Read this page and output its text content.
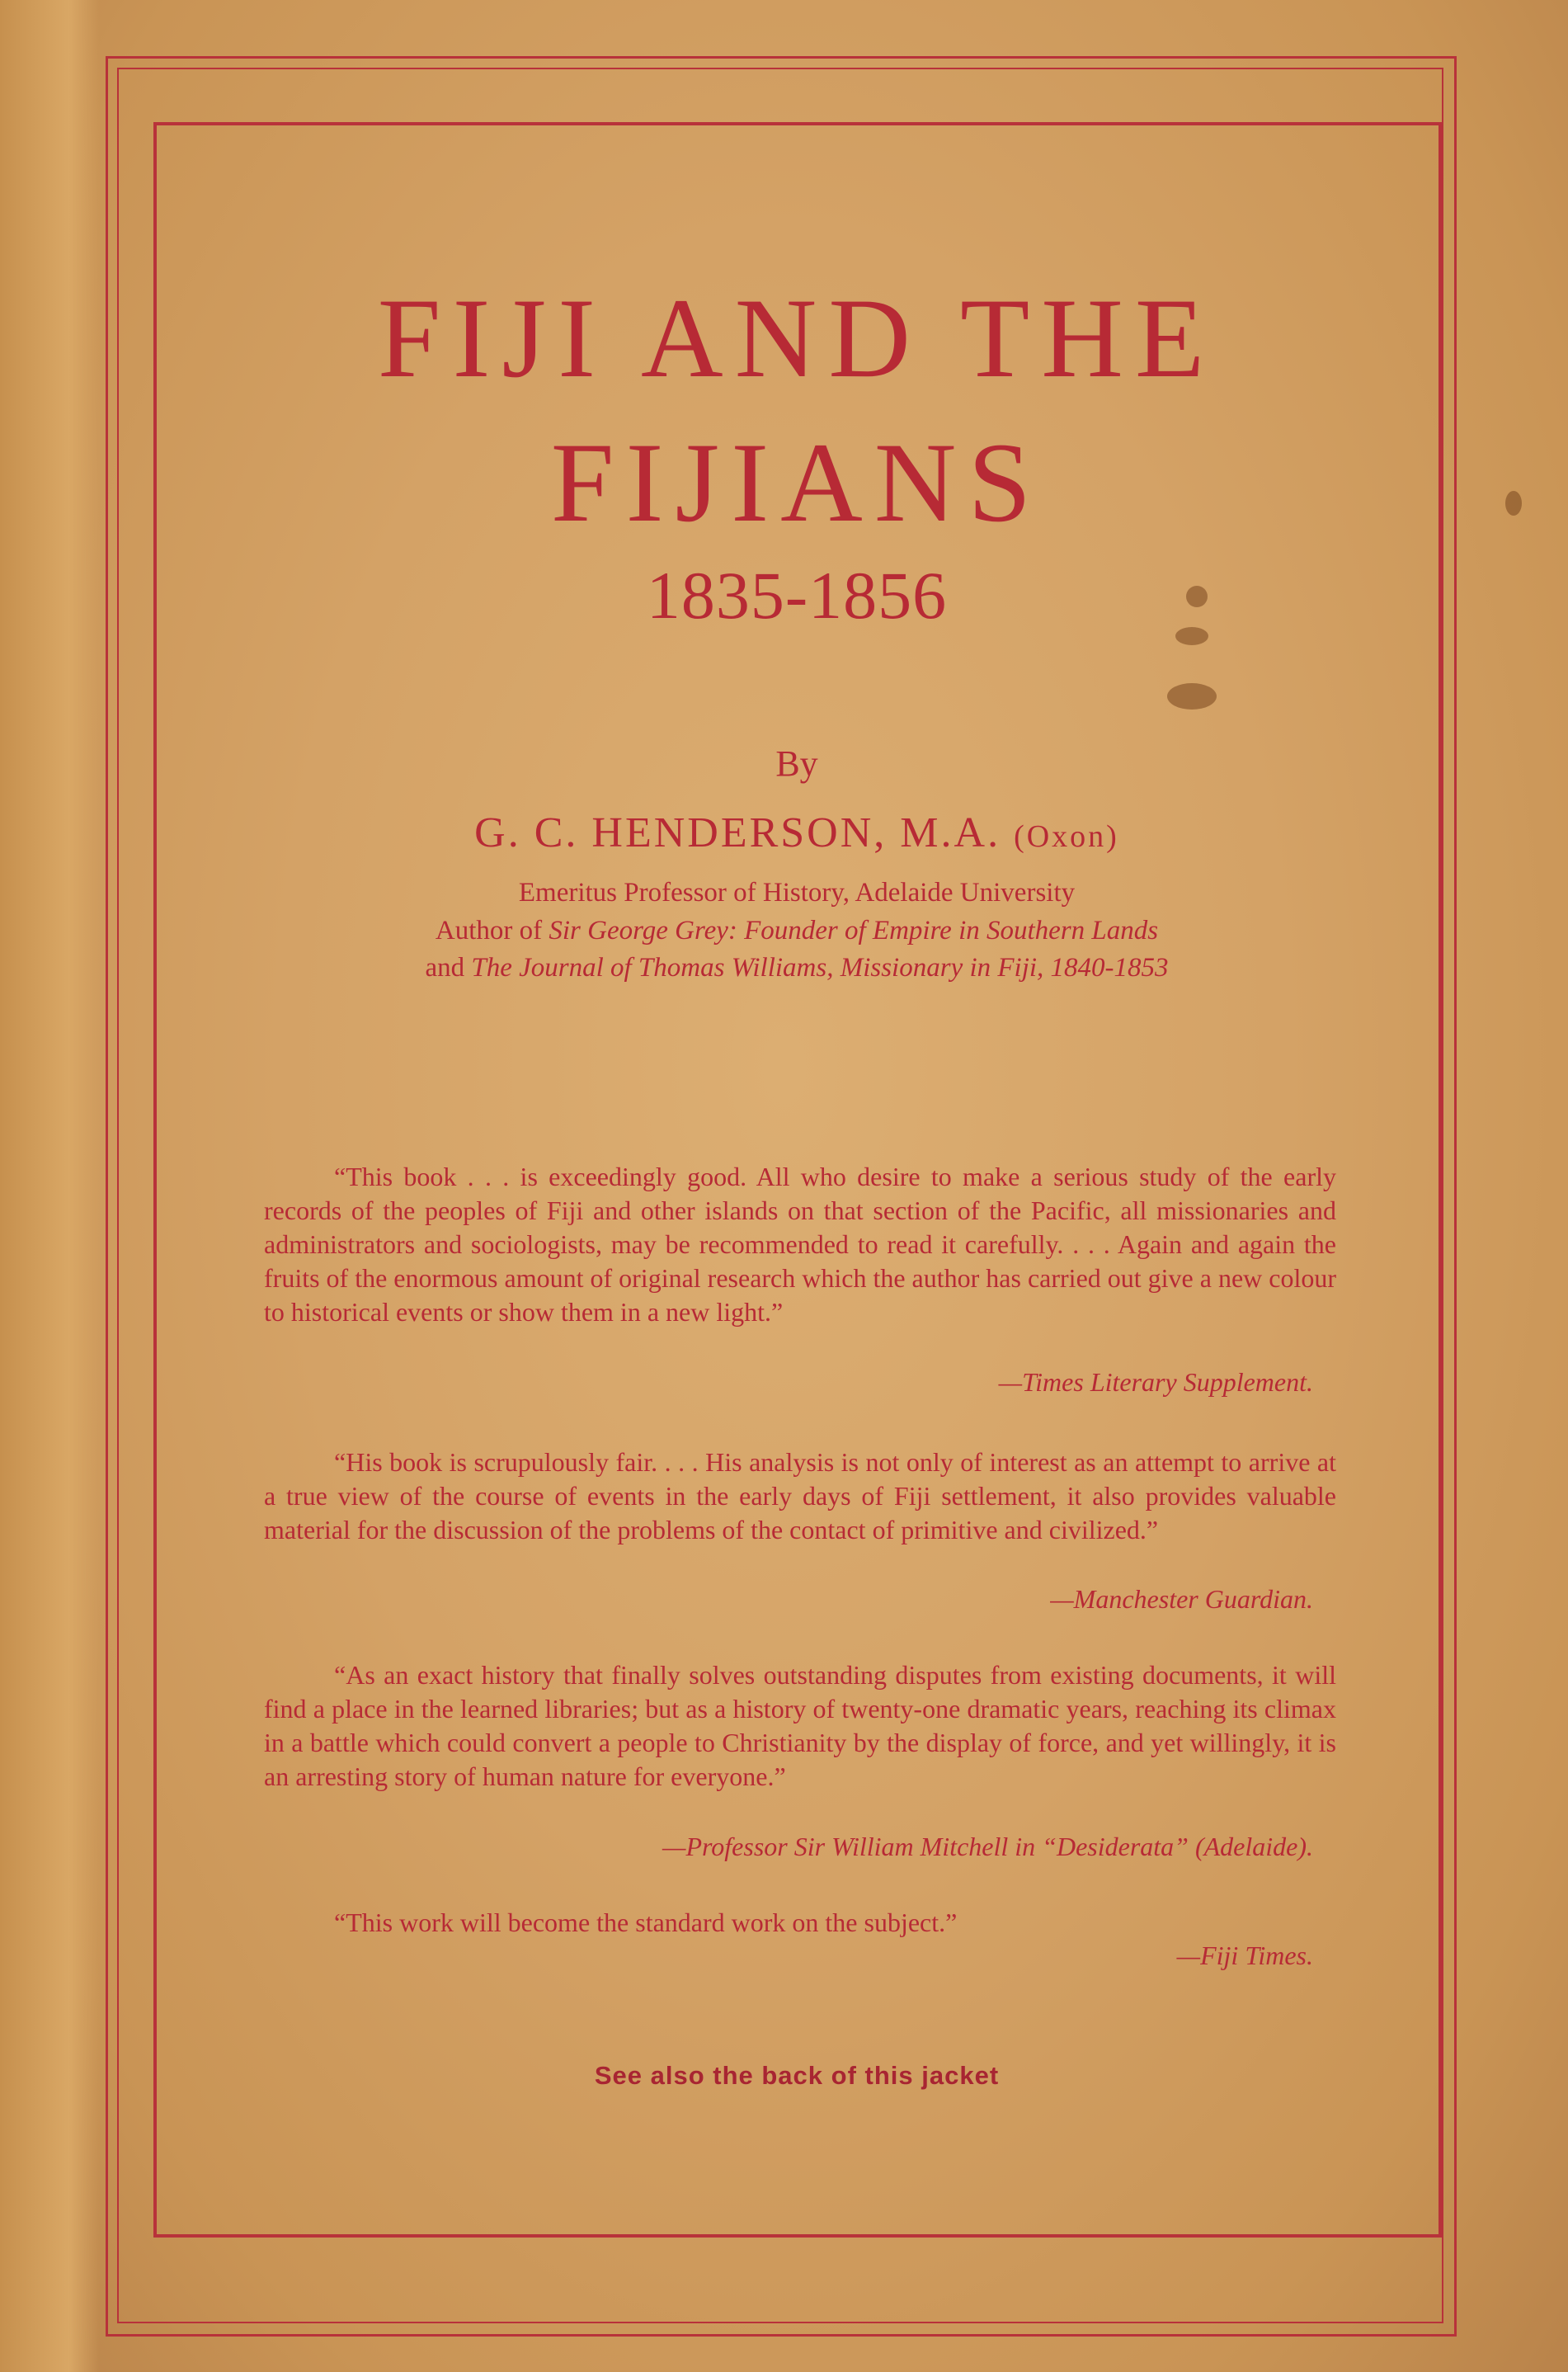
FIJI AND THE
FIJIANS
1835-1856
By
G. C. HENDERSON, M.A. (Oxon)
Emeritus Professor of History, Adelaide University
Author of Sir George Grey: Founder of Empire in Southern Lands
and The Journal of Thomas Williams, Missionary in Fiji, 1840-1853

“This book . . . is exceedingly good. All who desire to make a serious study of the early records of the peoples of Fiji and other islands on that section of the Pacific, all missionaries and administrators and sociologists, may be recommended to read it carefully. . . . Again and again the fruits of the enormous amount of original research which the author has carried out give a new colour to historical events or show them in a new light.”

—Times Literary Supplement.

“His book is scrupulously fair. . . . His analysis is not only of interest as an attempt to arrive at a true view of the course of events in the early days of Fiji settlement, it also provides valuable material for the discussion of the problems of the contact of primitive and civilized.”

—Manchester Guardian.

“As an exact history that finally solves outstanding disputes from existing documents, it will find a place in the learned libraries; but as a history of twenty-one dramatic years, reaching its climax in a battle which could convert a people to Christianity by the display of force, and yet willingly, it is an arresting story of human nature for everyone.”

—Professor Sir William Mitchell in “Desiderata” (Adelaide).

“This work will become the standard work on the subject.”

—Fiji Times.
See also the back of this jacket
